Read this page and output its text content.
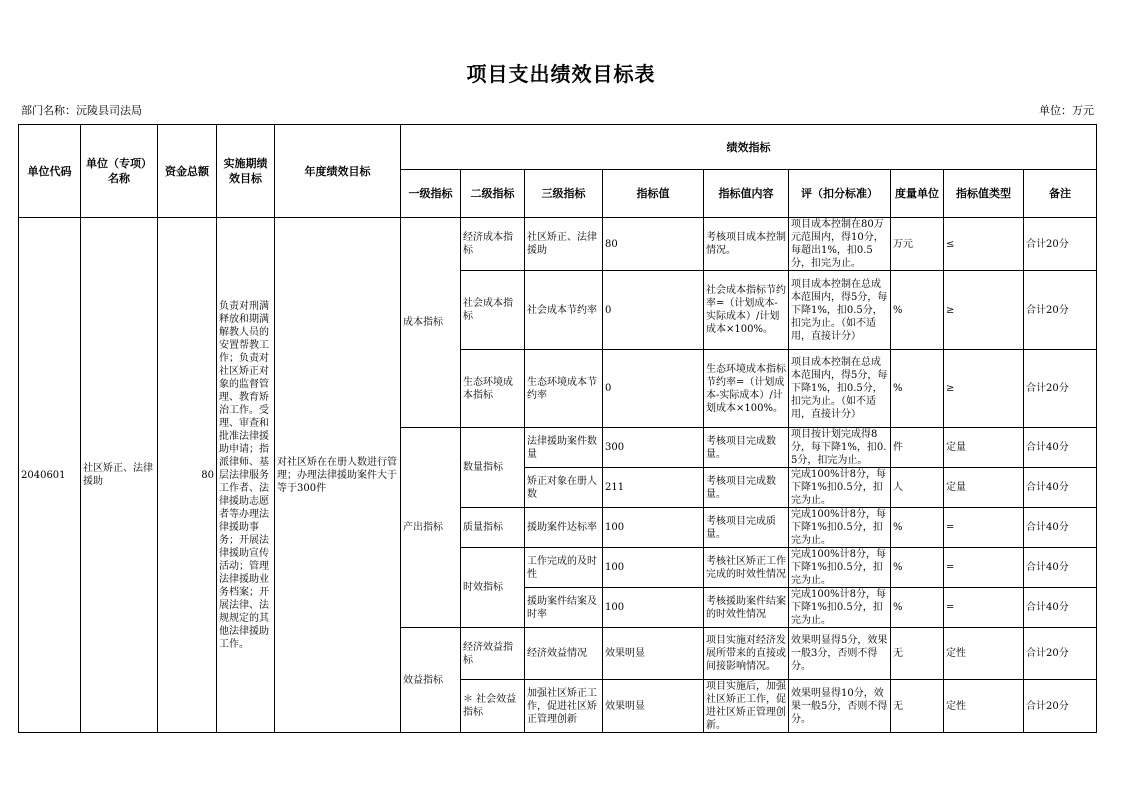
项目支出绩效目标表
部门名称：沅陵县司法局	单位：万元
单位代码	单位（专项）名称	资金总额	实施期绩效目标	年度绩效目标	绩效指标								
					一级指标	二级指标	三级指标	指标值	指标值内容	评（扣分标准）	度量单位	指标值类型	备注
2040601	社区矫正、法律援助	80	负责对刑满释放和期满解教人员的安置帮教工作；负责对社区矫正对象的监督管理、教育矫治工作。受理、审查和批准法律援助申请；指派律师、基层法律服务工作者、法律援助志愿者等办理法律援助事务；开展法律援助宣传活动；管理法律援助业务档案；开展法律、法规规定的其他法律援助工作。	对社区矫在在册人数进行管理；办理法律援助案件大于等于300件	成本指标	经济成本指标	社区矫正、法律援助	80	考核项目成本控制情况。	项目成本控制在80万元范围内，得10分，每超出1%，扣0.5分，扣完为止。	万元	≤	合计20分
						社会成本指标	社会成本节约率	0	社会成本指标节约率=（计划成本-实际成本）/计划成本×100%。	项目成本控制在总成本范围内，得5分，每下降1%，扣0.5分，扣完为止。（如不适用，直接计分）	%	≥	合计20分
						生态环境成本指标	生态环境成本节约率	0	生态环境成本指标节约率=（计划成本-实际成本）/计划成本×100%。	项目成本控制在总成本范围内，得5分，每下降1%，扣0.5分，扣完为止。（如不适用，直接计分）	%	≥	合计20分
					产出指标	数量指标	法律援助案件数量	300	考核项目完成数量。	项目按计划完成得8分，每下降1%，扣0.5分，扣完为止。	件	定量	合计40分
							矫正对象在册人数	211	考核项目完成数量。	完成100%计8分，每下降1%扣0.5分，扣完为止。	人	定量	合计40分
						质量指标	援助案件达标率	100	考核项目完成质量。	完成100%计8分，每下降1%扣0.5分，扣完为止。	%	=	合计40分
						时效指标	工作完成的及时性	100	考核社区矫正工作完成的时效性情况	完成100%计8分，每下降1%扣0.5分，扣完为止。	%	=	合计40分
							援助案件结案及时率	100	考核援助案件结案的时效性情况	完成100%计8分，每下降1%扣0.5分，扣完为止。	%	=	合计40分
					效益指标	经济效益指标	经济效益情况	效果明显	项目实施对经济发展所带来的直接或间接影响情况。	效果明显得5分，效果一般3分，否则不得分。	无	定性	合计20分
						＊ 社会效益指标	加强社区矫正工作，促进社区矫正管理创新	效果明显	项目实施后，加强社区矫正工作，促进社区矫正管理创新。	效果明显得10分，效果一般5分，否则不得分。	无	定性	合计20分
